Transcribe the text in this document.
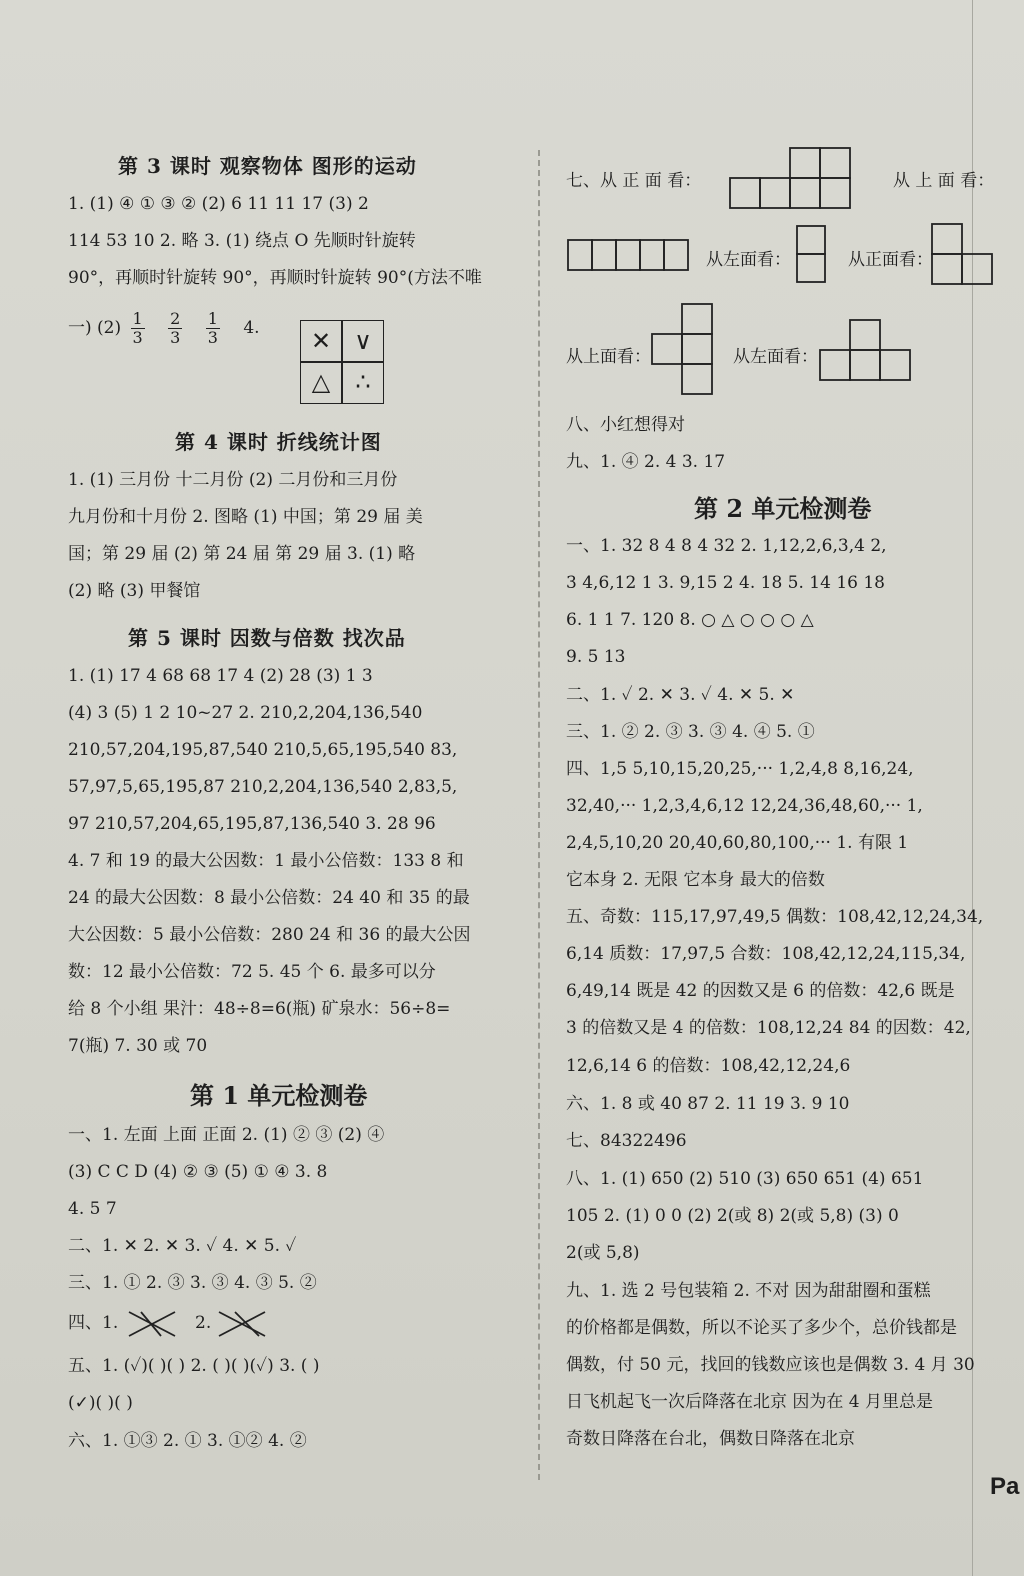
第 3 课时 观察物体 图形的运动
1. (1) ④ ① ③ ② (2) 6 11 11 17 (3) 2
114 53 10 2. 略 3. (1) 绕点 O 先顺时针旋转
90°，再顺时针旋转 90°，再顺时针旋转 90°(方法不唯
一) $(2) \frac{1}{3}$
$\frac{2}{3}$
$\frac{1}{3} 4$.	✕ ∨
△	∴
第 4 课时 折线统计图
1. (1) 三月份 十二月份 (2) 二月份和三月份
九月份和十月份 2. 图略 (1) 中国；第 29 届 美
国；第 29 届 (2) 第 24 届 第 29 届 3. (1) 略
(2) 略 (3) 甲餐馆
第 5 课时 因数与倍数 找次品
1. (1) 17 4 68 68 17 4 (2) 28 (3) 1 3
(4) 3 (5) 1 2 10~27 2. 210,2,204,136,540
210,57,204,195,87,540 210,5,65,195,540 83,
57,97,5,65,195,87 210,2,204,136,540 2,83,5,
97 210,57,204,65,195,87,136,540 3. 28 96
4. 7 和 19 的最大公因数：1 最小公倍数：133 8 和
24 的最大公因数：8 最小公倍数：24 40 和 35 的最
大公因数：5 最小公倍数：280 24 和 36 的最大公因
数：12 最小公倍数：72 5. 45 个 6. 最多可以分
给 8 个小组 果汁：48÷8=6(瓶) 矿泉水：56÷8=
7(瓶) 7. 30 或 70
第 1 单元检测卷
一、1. 左面 上面 正面 2. (1) ② ③ (2) ④
(3) C C D (4) ② ③ (5) ① ④ 3. 8
4. 5 7
二、1. ✕ 2. ✕ 3. ✓ 4. ✕ 5. ✓
三、1. ① 2. ③ 3. ③ 4. ③ 5. ②
四、1.	2.
五、1. (✓)( )( ) 2. ( )( )(✓) 3. ( )
(✓)( )( )
六、1. ①③ 2. ① 3. ①② 4. ②
七、从 正 面 看：	从 上 面 看：
从左面看：	从正面看：
从上面看：	从左面看：
八、小红想得对
九、1. ④ 2. 4 3. 17
第 2 单元检测卷
一、1. 32 8 4 8 4 32 2. 1,12,2,6,3,4 2,
3 4,6,12 1 3. 9,15 2 4. 18 5. 14 16 18
6. 1 1 7. 120 8. ○ △ ○ ○ ○ △
9. 5 13
二、1. ✓ 2. ✕ 3. ✓ 4. ✕ 5. ✕
三、1. ② 2. ③ 3. ③ 4. ④ 5. ①
四、1,5 5,10,15,20,25,··· 1,2,4,8 8,16,24,
32,40,··· 1,2,3,4,6,12 12,24,36,48,60,··· 1,
2,4,5,10,20 20,40,60,80,100,··· 1. 有限 1
它本身 2. 无限 它本身 最大的倍数
五、奇数：115,17,97,49,5 偶数：108,42,12,24,34,
6,14 质数：17,97,5 合数：108,42,12,24,115,34,
6,49,14 既是 42 的因数又是 6 的倍数：42,6 既是
3 的倍数又是 4 的倍数：108,12,24 84 的因数：42,
12,6,14 6 的倍数：108,42,12,24,6
六、1. 8 或 40 87 2. 11 19 3. 9 10
七、84322496
八、1. (1) 650 (2) 510 (3) 650 651 (4) 651
105 2. (1) 0 0 (2) 2(或 8) 2(或 5,8) (3) 0
2(或 5,8)
九、1. 选 2 号包装箱 2. 不对 因为甜甜圈和蛋糕
的价格都是偶数，所以不论买了多少个，总价钱都是
偶数，付 50 元，找回的钱数应该也是偶数 3. 4 月 30
日飞机起飞一次后降落在北京 因为在 4 月里总是
奇数日降落在台北，偶数日降落在北京
Pa
